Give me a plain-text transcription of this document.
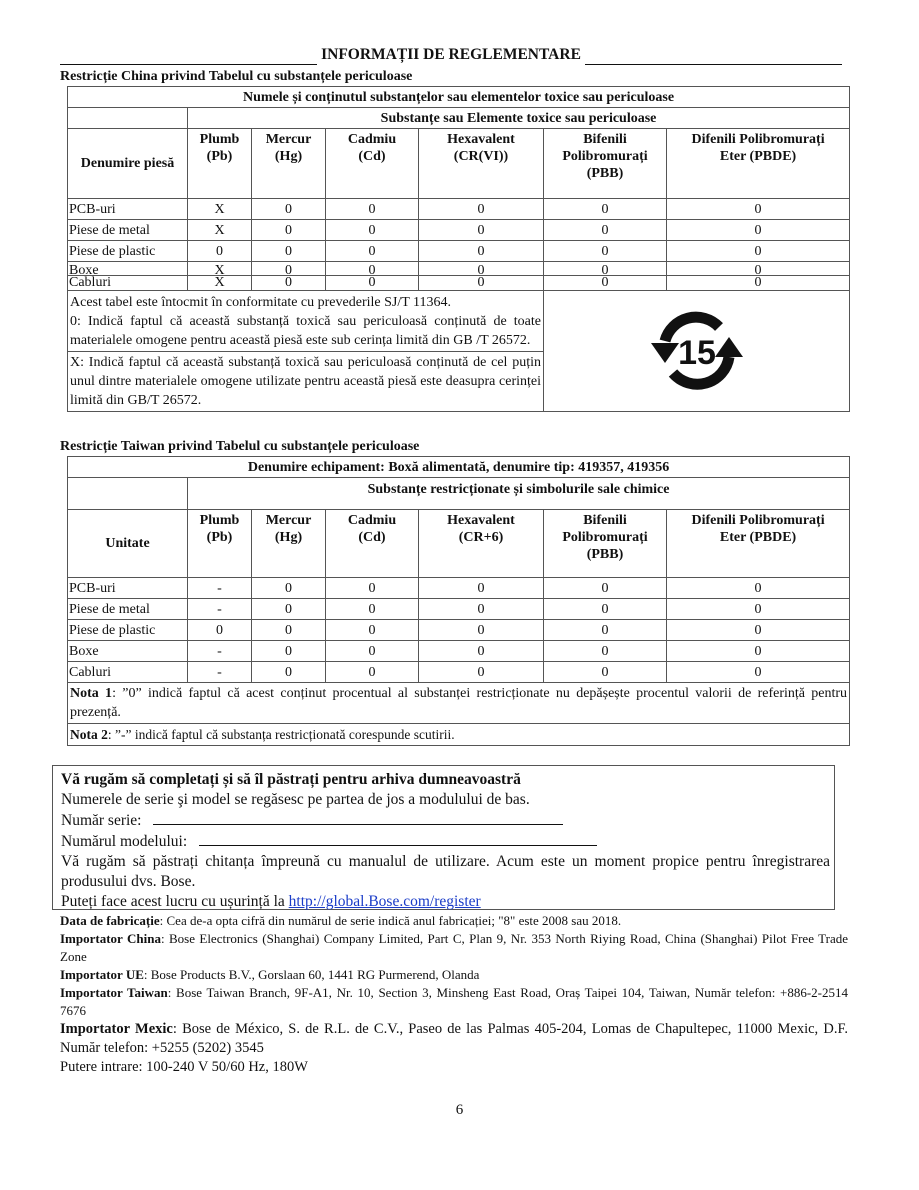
INFORMAȚII DE REGLEMENTARE
Restricție China privind Tabelul cu substanțele periculoase
Numele și conținutul substanțelor sau elementelor toxice sau periculoase						
	Substanțe sau Elemente toxice sau periculoase					
Denumire piesă	
Plumb
(Pb)

Mercur
(Hg)

Cadmiu
(Cd)

Hexavalent
(CR(VI))

Bifenili
Polibromurați
(PBB)

Difenili Polibromurați
Eter (PBDE)

PCB-uri	X	0	0	0	0	0
Piese de metal	X	0	0	0	0	0
Piese de plastic	0	0	0	0	0	0

Boxe	X	0	0	0	0	0

Cabluri	X	0	0	0	0	0

Acest tabel este întocmit în conformitate cu prevederile SJ/T 11364.
0: Indică faptul că această substanță toxică sau periculoasă conținută de toate materialele omogene pentru această piesă este sub cerința limită din GB /T 26572.					15	

X: Indică faptul că această substanță toxică sau periculoasă conținută de cel puțin unul dintre materialele omogene utilizate pentru această piesă este deasupra cerinței limită din GB/T 26572.						
Restricție Taiwan privind Tabelul cu substanțele periculoase
Denumire echipament: Boxă alimentată, denumire tip: 419357, 419356						
	Substanțe restricționate și simbolurile sale chimice					
Unitate	
Plumb
(Pb)

Mercur
(Hg)

Cadmiu
(Cd)

Hexavalent
(CR+6)

Bifenili
Polibromurați
(PBB)

Difenili Polibromurați
Eter (PBDE)

PCB-uri	-	0	0	0	0	0
Piese de metal	-	0	0	0	0	0
Piese de plastic	0	0	0	0	0	0
Boxe	-	0	0	0	0	0
Cabluri	-	0	0	0	0	0
Nota 1: ”0” indică faptul că acest conținut procentual al substanței restricționate nu depășește procentul valorii de referință pentru prezență.						
Nota 2: ”-” indică faptul că substanța restricționată corespunde scutirii.						
Vă rugăm să completați și să îl păstrați pentru arhiva dumneavoastră
Numerele de serie şi model se regăsesc pe partea de jos a modulului de bas.
Număr serie:
Numărul modelului:
Vă rugăm să păstrați chitanța împreună cu manualul de utilizare. Acum este un moment propice pentru înregistrarea produsului dvs. Bose.
Puteți face acest lucru cu ușurință la http://global.Bose.com/register

Data de fabricație: Cea de-a opta cifră din numărul de serie indică anul fabricației; "8" este 2008 sau 2018.

Importator China: Bose Electronics (Shanghai) Company Limited, Part C, Plan 9, Nr. 353 North Riying Road, China (Shanghai) Pilot Free Trade Zone

Importator UE: Bose Products B.V., Gorslaan 60, 1441 RG Purmerend, Olanda

Importator Taiwan: Bose Taiwan Branch, 9F-A1, Nr. 10, Section 3, Minsheng East Road, Oraș Taipei 104, Taiwan, Număr telefon: +886-2-2514 7676

Importator Mexic: Bose de México, S. de R.L. de C.V., Paseo de las Palmas 405-204, Lomas de Chapultepec, 11000 Mexic, D.F. Număr telefon: +5255 (5202) 3545

Putere intrare: 100-240 V 50/60 Hz, 180W

6
